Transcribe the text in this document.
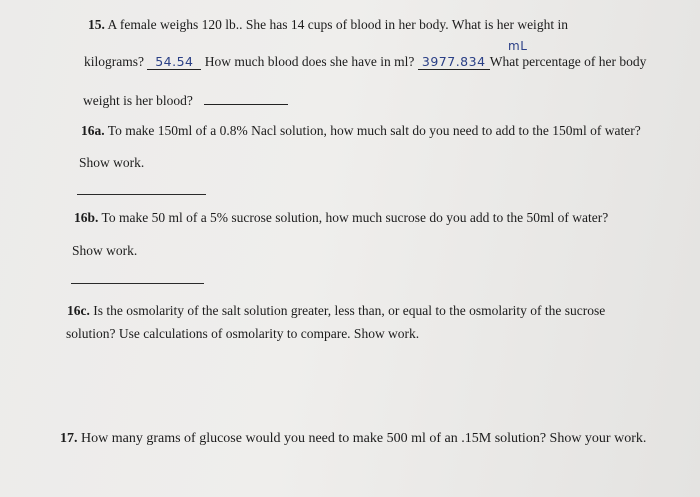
15. A female weighs 120 lb.. She has 14 cups of blood in her body. What is her weight in
kilograms? 54.54 How much blood does she have in ml? 3977.834 What percentage of her body
mL
weight is her blood?
16a. To make 150ml of a 0.8% Nacl solution, how much salt do you need to add to the 150ml of water?
Show work.
16b. To make 50 ml of a 5% sucrose solution, how much sucrose do you add to the 50ml of water?
Show work.
16c. Is the osmolarity of the salt solution greater, less than, or equal to the osmolarity of the sucrose
solution? Use calculations of osmolarity to compare. Show work.
17. How many grams of glucose would you need to make 500 ml of an .15M solution? Show your work.
